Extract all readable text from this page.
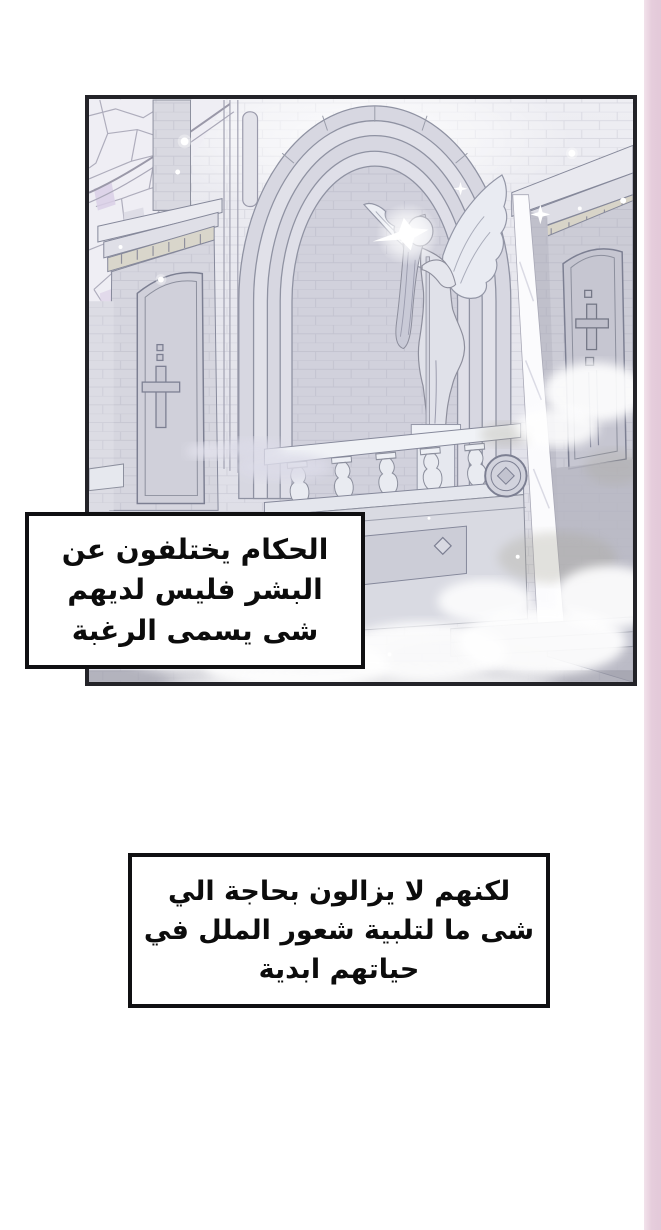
الحكام يختلفون عن
البشر فليس لديهم
شى يسمى الرغبة
لكنهم لا يزالون بحاجة الي
شى ما لتلبية شعور الملل في
حياتهم ابدية
